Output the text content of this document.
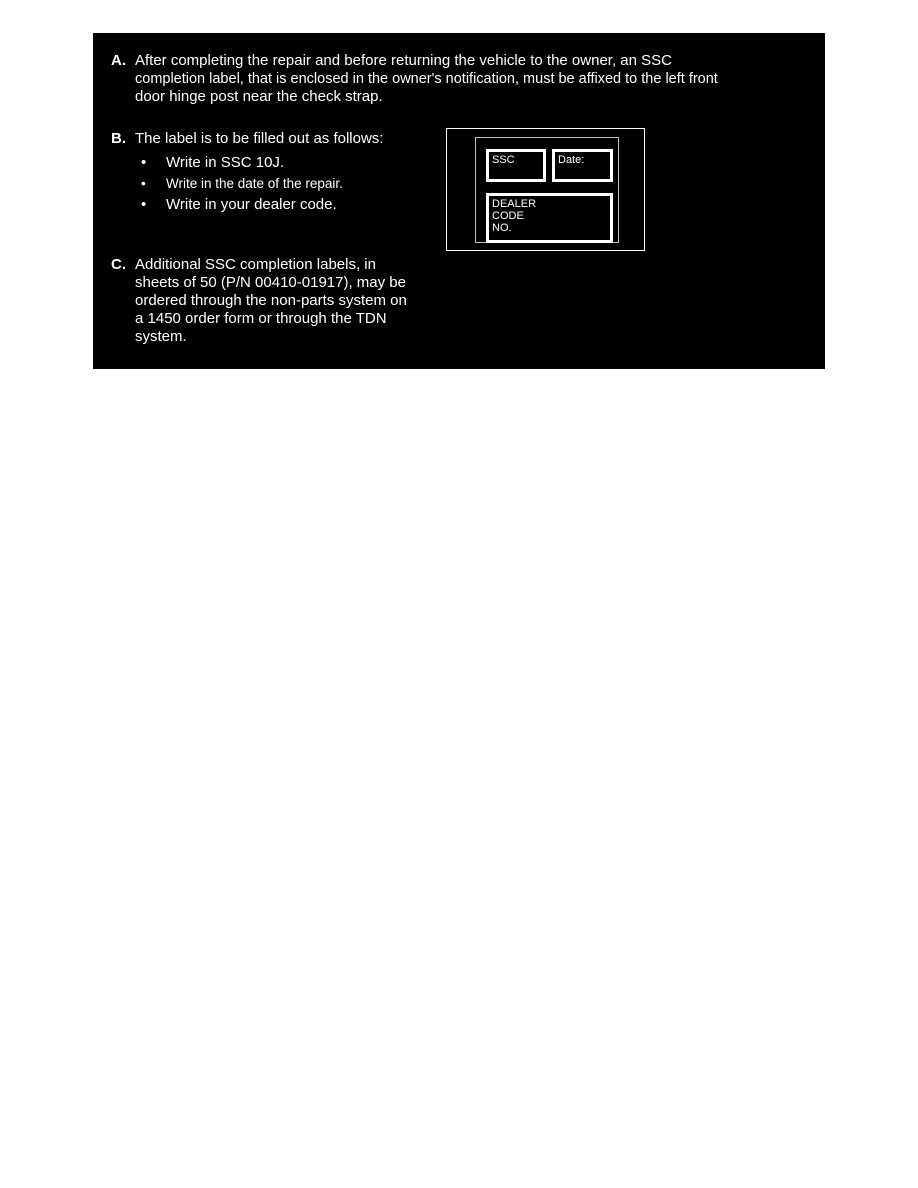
A. After completing the repair and before returning the vehicle to the owner, an SSC
completion label, that is enclosed in the owner's notification, must be affixed to the left front
door hinge post near the check strap.
B. The label is to be filled out as follows:
• Write in SSC 10J.
• Write in the date of the repair.
• Write in your dealer code.
SSC	Date:
DEALER
CODE
NO.
C. Additional SSC completion labels, in
sheets of 50 (P/N 00410-01917), may be
ordered through the non-parts system on
a 1450 order form or through the TDN
system.
